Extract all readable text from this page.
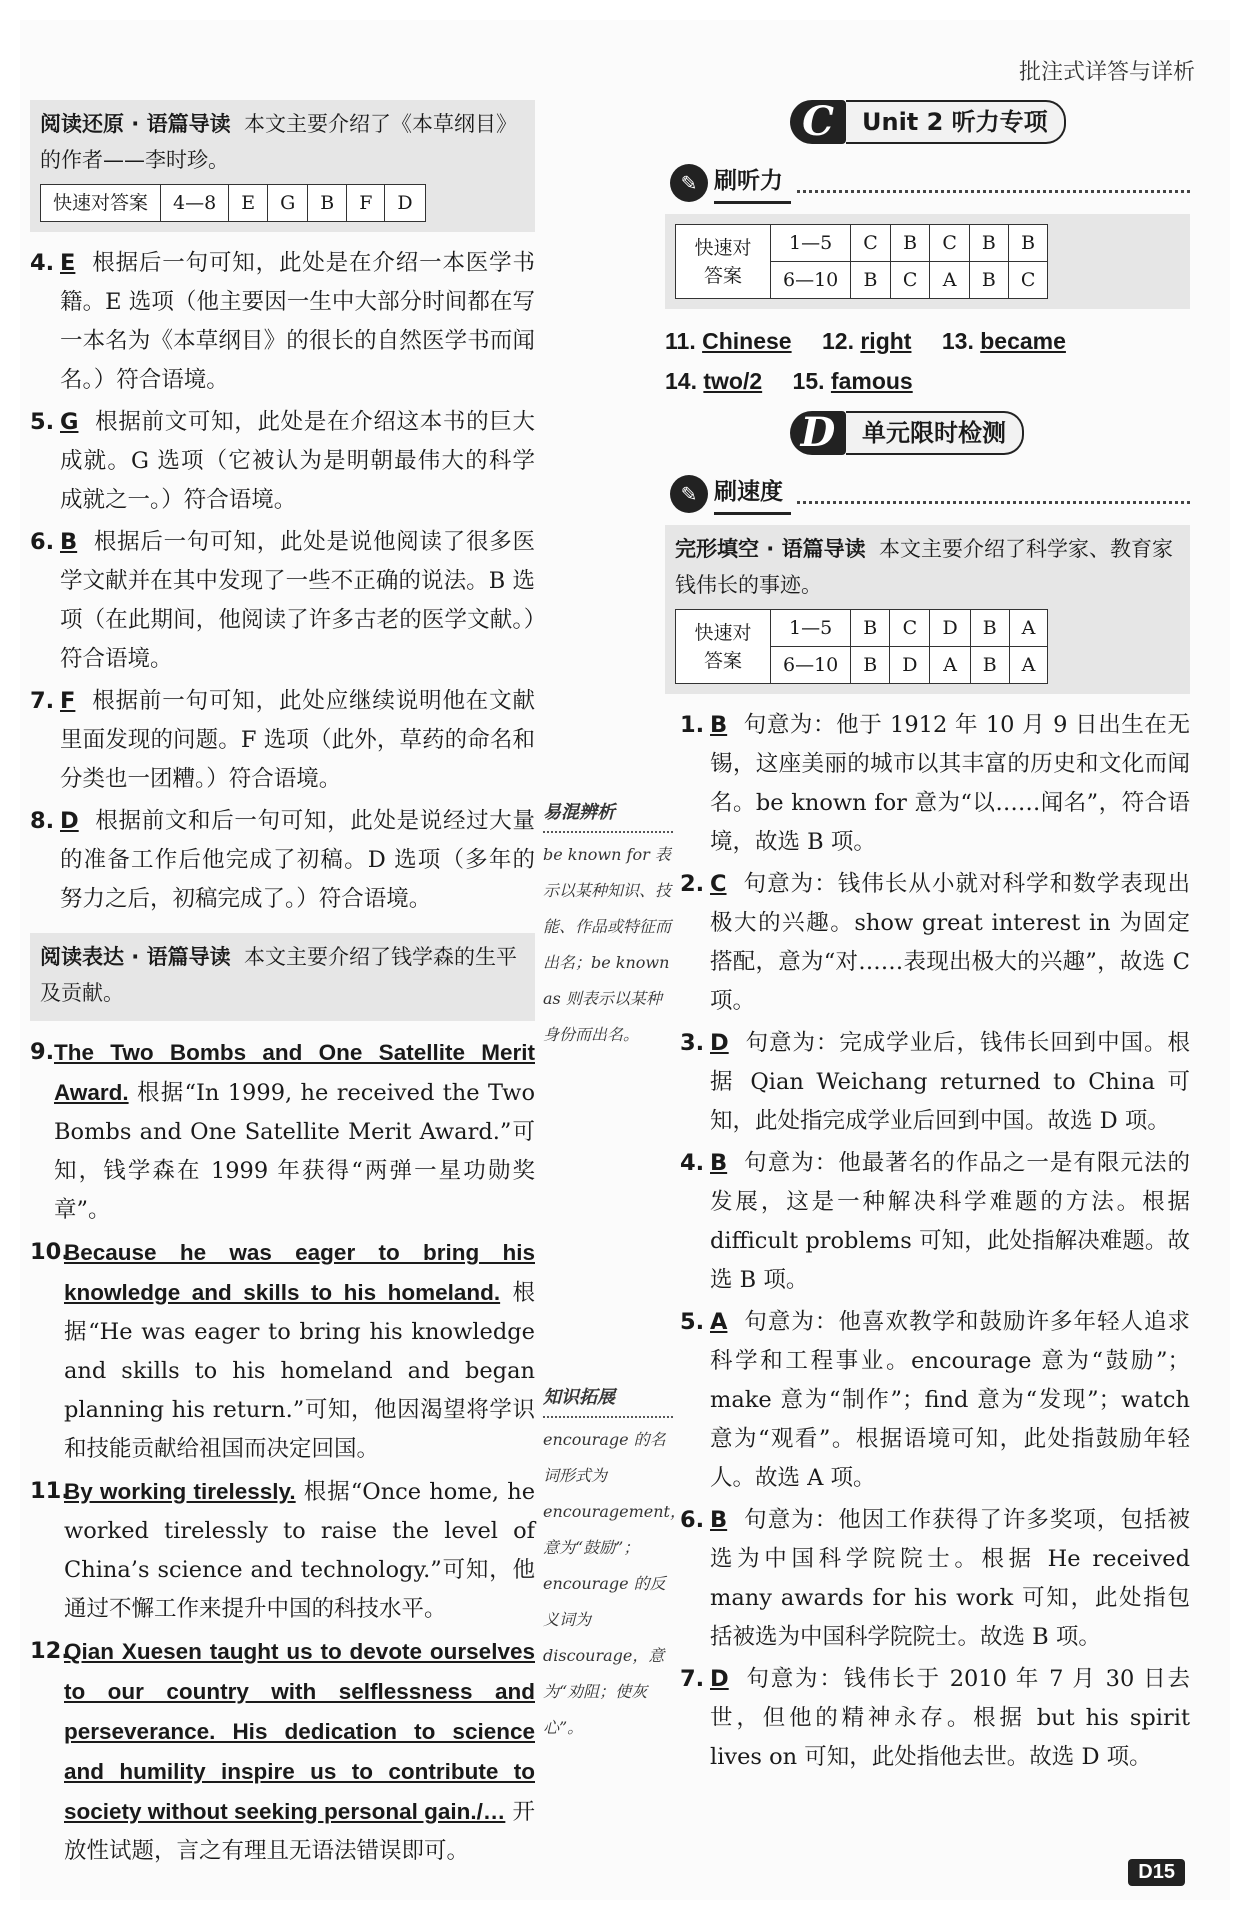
批注式详答与详析
阅读还原 · 语篇导读 本文主要介绍了《本草纲目》的作者——李时珍。
快速对答案	4—8	E	G	B	F	D
4. E 根据后一句可知，此处是在介绍一本医学书籍。E 选项（他主要因一生中大部分时间都在写一本名为《本草纲目》的很长的自然医学书而闻名。）符合语境。
5. G 根据前文可知，此处是在介绍这本书的巨大成就。G 选项（它被认为是明朝最伟大的科学成就之一。）符合语境。
6. B 根据后一句可知，此处是说他阅读了很多医学文献并在其中发现了一些不正确的说法。B 选项（在此期间，他阅读了许多古老的医学文献。）符合语境。
7. F 根据前一句可知，此处应继续说明他在文献里面发现的问题。F 选项（此外，草药的命名和分类也一团糟。）符合语境。
8. D 根据前文和后一句可知，此处是说经过大量的准备工作后他完成了初稿。D 选项（多年的努力之后，初稿完成了。）符合语境。
阅读表达 · 语篇导读 本文主要介绍了钱学森的生平及贡献。
9. The Two Bombs and One Satellite Merit Award. 根据“In 1999, he received the Two Bombs and One Satellite Merit Award.”可知，钱学森在 1999 年获得“两弹一星功勋奖章”。
10.
Because he was eager to bring his knowledge and skills to his homeland. 根据“He was eager to bring his knowledge and skills to his homeland and began planning his return.”可知，他因渴望将学识和技能贡献给祖国而决定回国。
11.
By working tirelessly. 根据“Once home, he worked tirelessly to raise the level of China’s science and technology.”可知，他通过不懈工作来提升中国的科技水平。
12.
Qian Xuesen taught us to devote ourselves to our country with selflessness and perseverance. His dedication to science and humility inspire us to contribute to society without seeking personal gain./… 开放性试题，言之有理且无语法错误即可。
易混辨析
be known for 表示以某种知识、技能、作品或特征而出名；be known as 则表示以某种身份而出名。
知识拓展
encourage 的名词形式为 encouragement，意为“鼓励”；encourage 的反义词为 discourage，意为“劝阻；使灰心”。
C	Unit 2 听力专项
✎ 刷听力
快速对答案	1—5	C	B	C	B	B
	6—10	B	C	A	B	C
11. Chinese 12. right 13. became
14. two/2 15. famous
D	单元限时检测
✎ 刷速度
完形填空 · 语篇导读 本文主要介绍了科学家、教育家钱伟长的事迹。
快速对答案	1—5	B	C	D	B	A
	6—10	B	D	A	B	A
1. B 句意为：他于 1912 年 10 月 9 日出生在无锡，这座美丽的城市以其丰富的历史和文化而闻名。be known for 意为“以……闻名”，符合语境，故选 B 项。
2. C 句意为：钱伟长从小就对科学和数学表现出极大的兴趣。show great interest in 为固定搭配，意为“对……表现出极大的兴趣”，故选 C 项。
3. D 句意为：完成学业后，钱伟长回到中国。根据 Qian Weichang returned to China 可知，此处指完成学业后回到中国。故选 D 项。
4. B 句意为：他最著名的作品之一是有限元法的发展，这是一种解决科学难题的方法。根据 difficult problems 可知，此处指解决难题。故选 B 项。
5. A 句意为：他喜欢教学和鼓励许多年轻人追求科学和工程事业。encourage 意为“鼓励”；make 意为“制作”；find 意为“发现”；watch 意为“观看”。根据语境可知，此处指鼓励年轻人。故选 A 项。
6. B 句意为：他因工作获得了许多奖项，包括被选为中国科学院院士。根据 He received many awards for his work 可知，此处指包括被选为中国科学院院士。故选 B 项。
7. D 句意为：钱伟长于 2010 年 7 月 30 日去世，但他的精神永存。根据 but his spirit lives on 可知，此处指他去世。故选 D 项。
D15
